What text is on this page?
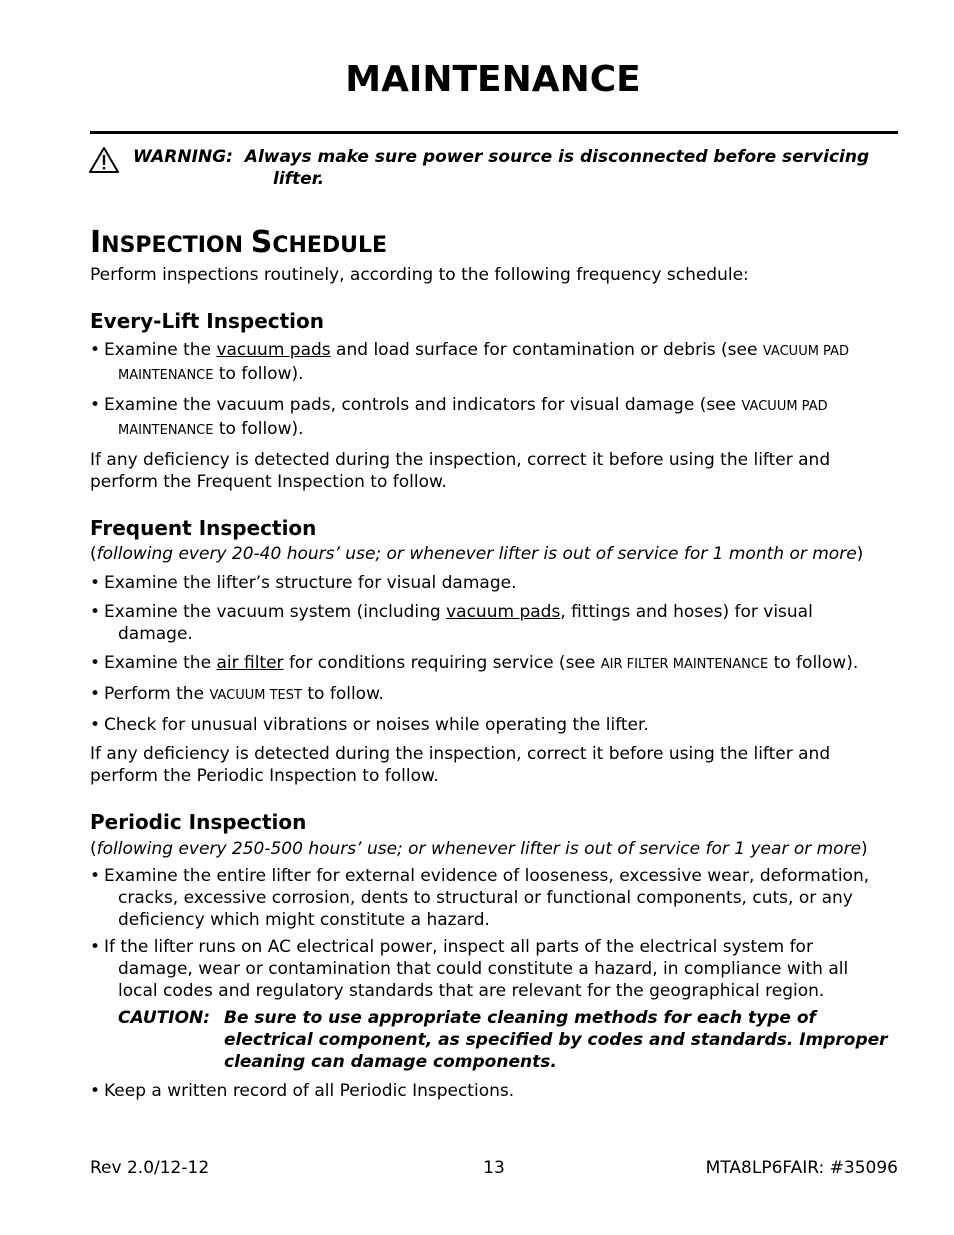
MAINTENANCE
WARNING: Always make sure power source is disconnected before servicing
lifter.
INSPECTION SCHEDULE

Perform inspections routinely, according to the following frequency schedule:

Every-Lift Inspection

• Examine the vacuum pads and load surface for contamination or debris (see VACUUM PAD MAINTENANCE to follow).

• Examine the vacuum pads, controls and indicators for visual damage (see VACUUM PAD MAINTENANCE to follow).

If any deficiency is detected during the inspection, correct it before using the lifter and perform the Frequent Inspection to follow.

Frequent Inspection

(following every 20-40 hours’ use; or whenever lifter is out of service for 1 month or more)

• Examine the lifter’s structure for visual damage.

• Examine the vacuum system (including vacuum pads, fittings and hoses) for visual damage.

• Examine the air filter for conditions requiring service (see AIR FILTER MAINTENANCE to follow).

• Perform the VACUUM TEST to follow.

• Check for unusual vibrations or noises while operating the lifter.

If any deficiency is detected during the inspection, correct it before using the lifter and perform the Periodic Inspection to follow.

Periodic Inspection

(following every 250-500 hours’ use; or whenever lifter is out of service for 1 year or more)

• Examine the entire lifter for external evidence of looseness, excessive wear, deformation, cracks, excessive corrosion, dents to structural or functional components, cuts, or any deficiency which might constitute a hazard.

• If the lifter runs on AC electrical power, inspect all parts of the electrical system for damage, wear or contamination that could constitute a hazard, in compliance with all local codes and regulatory standards that are relevant for the geographical region.

CAUTION: Be sure to use appropriate cleaning methods for each type of electrical component, as specified by codes and standards. Improper cleaning can damage components.

• Keep a written record of all Periodic Inspections.

Rev 2.0/12-12	13	MTA8LP6FAIR: #35096
